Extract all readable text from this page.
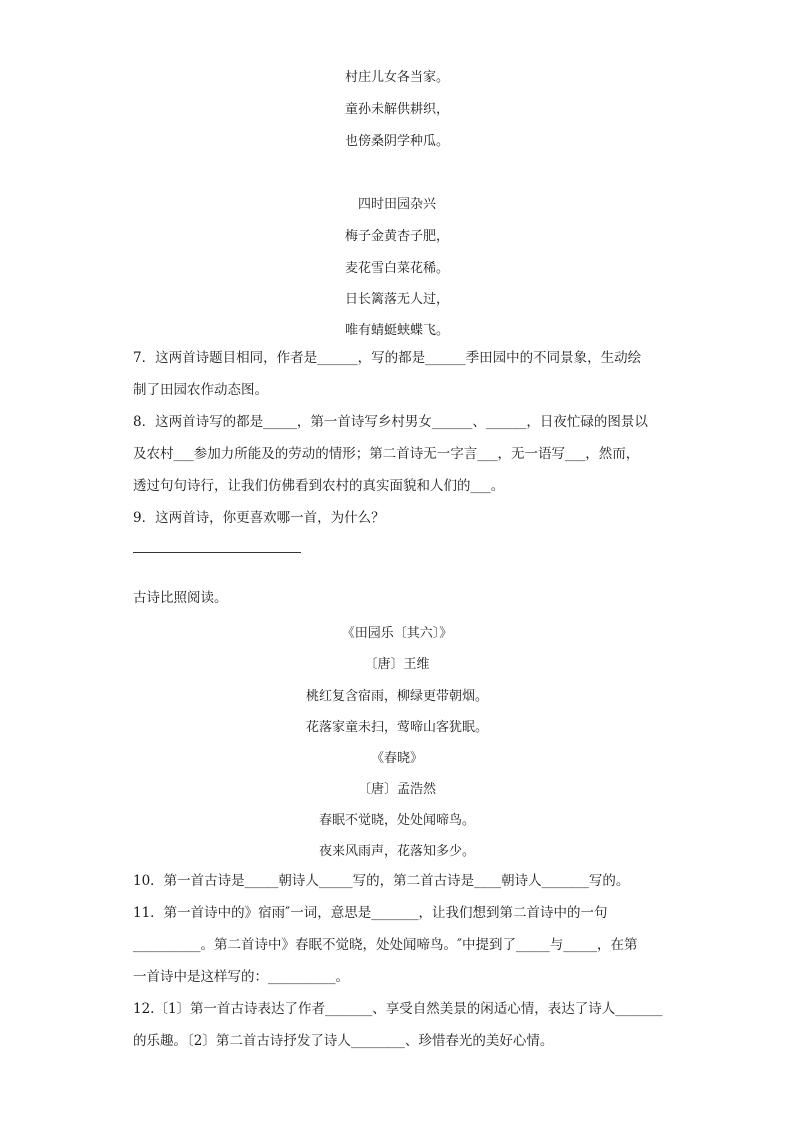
村庄儿女各当家。
童孙未解供耕织，
也傍桑阴学种瓜。
四时田园杂兴
梅子金黄杏子肥，
麦花雪白菜花稀。
日长篱落无人过，
唯有蜻蜓蛱蝶飞。
7．这两首诗题目相同，作者是______，写的都是______季田园中的不同景象，生动绘
制了田园农作动态图。
8．这两首诗写的都是_____，第一首诗写乡村男女______、______，日夜忙碌的图景以
及农村___参加力所能及的劳动的情形；第二首诗无一字言___，无一语写___，然而，
透过句句诗行，让我们仿佛看到农村的真实面貌和人们的___。
9．这两首诗，你更喜欢哪一首，为什么？
古诗比照阅读。
《田园乐〔其六〕》
〔唐〕王维
桃红复含宿雨，柳绿更带朝烟。
花落家童未扫，莺啼山客犹眠。
《春晓》
〔唐〕孟浩然
春眠不觉晓，处处闻啼鸟。
夜来风雨声，花落知多少。
10．第一首古诗是_____朝诗人_____写的，第二首古诗是____朝诗人_______写的。
11．第一首诗中的》宿雨″一词，意思是_______，让我们想到第二首诗中的一句
__________。第二首诗中》春眠不觉晓，处处闻啼鸟。″中提到了_____与_____，在第
一首诗中是这样写的：__________。
12.〔1〕第一首古诗表达了作者_______、享受自然美景的闲适心情，表达了诗人_______
的乐趣。〔2〕第二首古诗抒发了诗人________、珍惜春光的美好心情。
